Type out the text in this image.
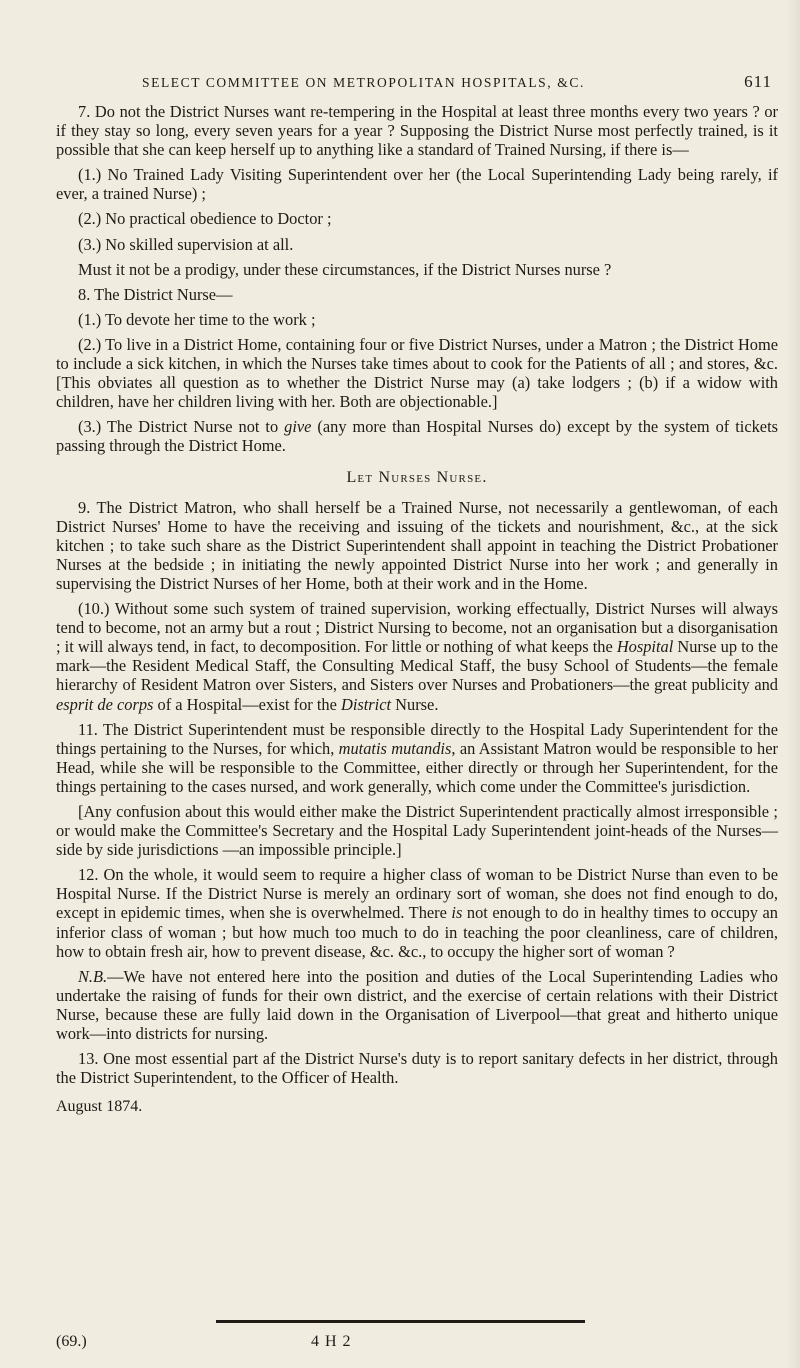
SELECT COMMITTEE ON METROPOLITAN HOSPITALS, &C.	611

7. Do not the District Nurses want re-tempering in the Hospital at least three months every two years ? or if they stay so long, every seven years for a year ? Supposing the District Nurse most perfectly trained, is it possible that she can keep herself up to anything like a standard of Trained Nursing, if there is—

(1.) No Trained Lady Visiting Superintendent over her (the Local Superintending Lady being rarely, if ever, a trained Nurse) ;

(2.) No practical obedience to Doctor ;

(3.) No skilled supervision at all.

Must it not be a prodigy, under these circumstances, if the District Nurses nurse ?

8. The District Nurse—

(1.) To devote her time to the work ;

(2.) To live in a District Home, containing four or five District Nurses, under a Matron ; the District Home to include a sick kitchen, in which the Nurses take times about to cook for the Patients of all ; and stores, &c. [This obviates all question as to whether the District Nurse may (a) take lodgers ; (b) if a widow with children, have her children living with her. Both are objectionable.]

(3.) The District Nurse not to give (any more than Hospital Nurses do) except by the system of tickets passing through the District Home.

Let Nurses Nurse.

9. The District Matron, who shall herself be a Trained Nurse, not necessarily a gentlewoman, of each District Nurses' Home to have the receiving and issuing of the tickets and nourishment, &c., at the sick kitchen ; to take such share as the District Superintendent shall appoint in teaching the District Probationer Nurses at the bedside ; in initiating the newly appointed District Nurse into her work ; and generally in supervising the District Nurses of her Home, both at their work and in the Home.

(10.) Without some such system of trained supervision, working effectually, District Nurses will always tend to become, not an army but a rout ; District Nursing to become, not an organisation but a disorganisation ; it will always tend, in fact, to decomposition. For little or nothing of what keeps the Hospital Nurse up to the mark—the Resident Medical Staff, the Consulting Medical Staff, the busy School of Students—the female hierarchy of Resident Matron over Sisters, and Sisters over Nurses and Probationers—the great publicity and esprit de corps of a Hospital—exist for the District Nurse.

11. The District Superintendent must be responsible directly to the Hospital Lady Superintendent for the things pertaining to the Nurses, for which, mutatis mutandis, an Assistant Matron would be responsible to her Head, while she will be responsible to the Committee, either directly or through her Superintendent, for the things pertaining to the cases nursed, and work generally, which come under the Committee's jurisdiction.

[Any confusion about this would either make the District Superintendent practically almost irresponsible ; or would make the Committee's Secretary and the Hospital Lady Superintendent joint-heads of the Nurses—side by side jurisdictions —an impossible principle.]

12. On the whole, it would seem to require a higher class of woman to be District Nurse than even to be Hospital Nurse. If the District Nurse is merely an ordinary sort of woman, she does not find enough to do, except in epidemic times, when she is overwhelmed. There is not enough to do in healthy times to occupy an inferior class of woman ; but how much too much to do in teaching the poor cleanliness, care of children, how to obtain fresh air, how to prevent disease, &c. &c., to occupy the higher sort of woman ?

N.B.—We have not entered here into the position and duties of the Local Superintending Ladies who undertake the raising of funds for their own district, and the exercise of certain relations with their District Nurse, because these are fully laid down in the Organisation of Liverpool—that great and hitherto unique work—into districts for nursing.

13. One most essential part af the District Nurse's duty is to report sanitary defects in her district, through the District Superintendent, to the Officer of Health.

August 1874.

(69.)	4 H 2
